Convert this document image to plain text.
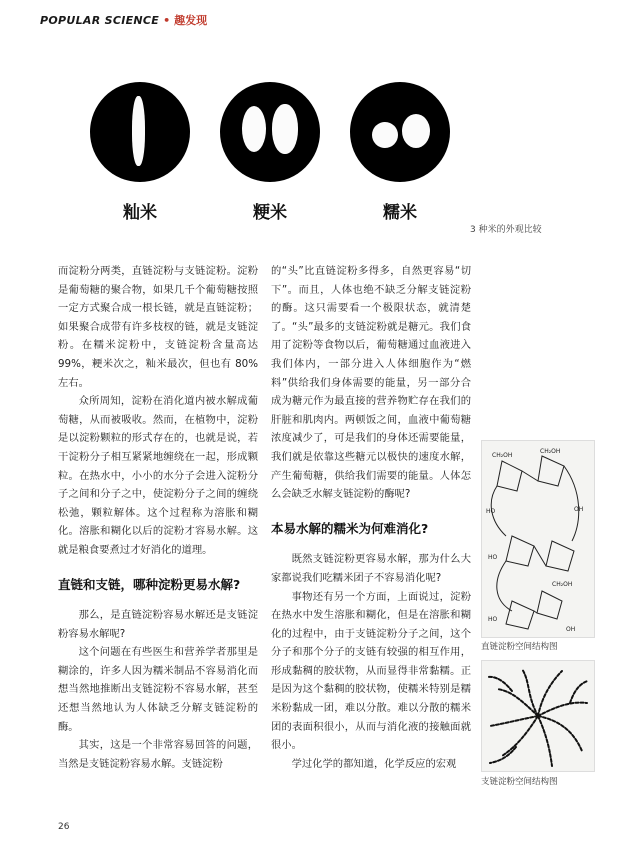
POPULAR SCIENCE • 趣发现
籼米	粳米	糯米
3 种米的外观比较

而淀粉分两类，直链淀粉与支链淀粉。淀粉是葡萄糖的聚合物，如果几千个葡萄糖按照一定方式聚合成一根长链，就是直链淀粉；如果聚合成带有许多枝杈的链，就是支链淀粉。在糯米淀粉中，支链淀粉含量高达 99%，粳米次之，籼米最次，但也有 80% 左右。

众所周知，淀粉在消化道内被水解成葡萄糖，从而被吸收。然而，在植物中，淀粉是以淀粉颗粒的形式存在的，也就是说，若干淀粉分子相互紧紧地缠绕在一起，形成颗粒。在热水中，小小的水分子会进入淀粉分子之间和分子之中，使淀粉分子之间的缠绕松弛，颗粒解体。这个过程称为溶胀和糊化。溶胀和糊化以后的淀粉才容易水解。这就是粮食要煮过才好消化的道理。

直链和支链，哪种淀粉更易水解?

那么，是直链淀粉容易水解还是支链淀粉容易水解呢?

这个问题在有些医生和营养学者那里是糊涂的，许多人因为糯米制品不容易消化而想当然地推断出支链淀粉不容易水解，甚至还想当然地认为人体缺乏分解支链淀粉的酶。

其实，这是一个非常容易回答的问题，当然是支链淀粉容易水解。支链淀粉

的“头”比直链淀粉多得多，自然更容易“切下”。而且，人体也绝不缺乏分解支链淀粉的酶。这只需要看一个极限状态，就清楚了。“头”最多的支链淀粉就是糖元。我们食用了淀粉等食物以后，葡萄糖通过血液进入我们体内，一部分进入人体细胞作为“燃料”供给我们身体需要的能量，另一部分合成为糖元作为最直接的营养物贮存在我们的肝脏和肌肉内。两顿饭之间，血液中葡萄糖浓度减少了，可是我们的身体还需要能量，我们就是依靠这些糖元以极快的速度水解，产生葡萄糖，供给我们需要的能量。人体怎么会缺乏水解支链淀粉的酶呢?

本易水解的糯米为何难消化?

既然支链淀粉更容易水解，那为什么大家都说我们吃糯米团子不容易消化呢?

事物还有另一个方面，上面说过，淀粉在热水中发生溶胀和糊化，但是在溶胀和糊化的过程中，由于支链淀粉分子之间，这个分子和那个分子的支链有较强的相互作用，形成黏稠的胶状物，从而显得非常黏糯。正是因为这个黏稠的胶状物，使糯米特别是糯米粉黏成一团，难以分散。难以分散的糯米团的表面积很小，从而与消化液的接触面就很小。

学过化学的都知道，化学反应的宏观

CH₂OH
CH₂OH
HO	OH
HO
CH₂OH
HO
OH
直链淀粉空间结构图
支链淀粉空间结构图
26
